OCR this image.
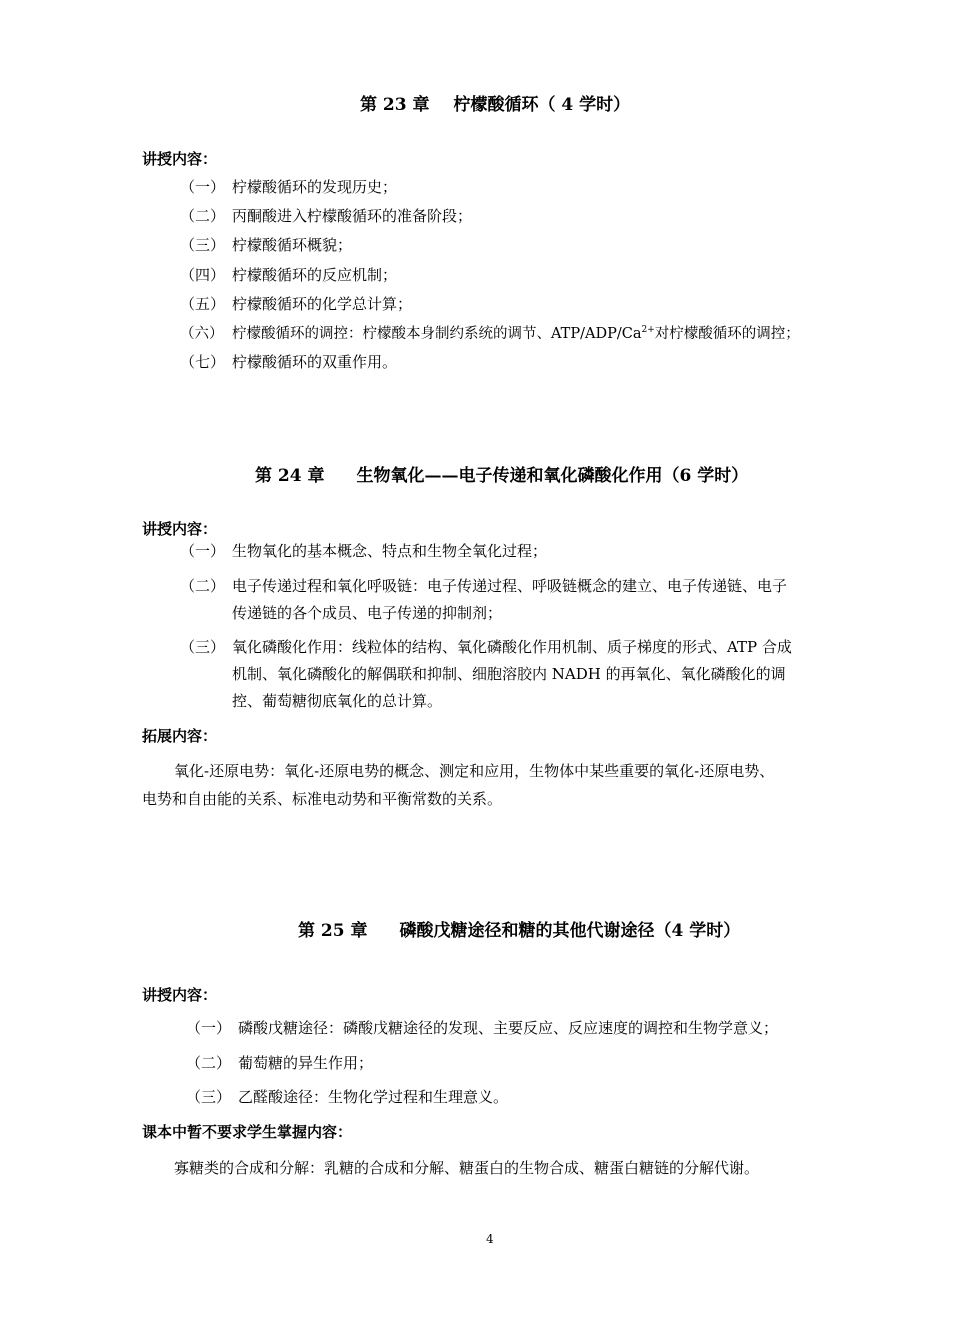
第 23 章 柠檬酸循环（ 4 学时）
讲授内容：
（一） 柠檬酸循环的发现历史；
（二） 丙酮酸进入柠檬酸循环的准备阶段；
（三） 柠檬酸循环概貌；
（四） 柠檬酸循环的反应机制；
（五） 柠檬酸循环的化学总计算；
（六） 柠檬酸循环的调控：柠檬酸本身制约系统的调节、ATP/$ADP/Ca^{2+}$对柠檬酸循环的调控；
（七） 柠檬酸循环的双重作用。
第 24 章 生物氧化——电子传递和氧化磷酸化作用（6 学时）
讲授内容：
（一） 生物氧化的基本概念、特点和生物全氧化过程；
（二） 电子传递过程和氧化呼吸链：电子传递过程、呼吸链概念的建立、电子传递链、电子
传递链的各个成员、电子传递的抑制剂；
（三） 氧化磷酸化作用：线粒体的结构、氧化磷酸化作用机制、质子梯度的形式、ATP 合成
机制、氧化磷酸化的解偶联和抑制、细胞溶胶内 NADH 的再氧化、氧化磷酸化的调
控、葡萄糖彻底氧化的总计算。
拓展内容：
氧化-还原电势：氧化-还原电势的概念、测定和应用，生物体中某些重要的氧化-还原电势、
电势和自由能的关系、标准电动势和平衡常数的关系。
第 25 章 磷酸戊糖途径和糖的其他代谢途径（4 学时）
讲授内容：
（一） 磷酸戊糖途径：磷酸戊糖途径的发现、主要反应、反应速度的调控和生物学意义；
（二） 葡萄糖的异生作用；
（三） 乙醛酸途径：生物化学过程和生理意义。
课本中暂不要求学生掌握内容：
寡糖类的合成和分解：乳糖的合成和分解、糖蛋白的生物合成、糖蛋白糖链的分解代谢。
4
